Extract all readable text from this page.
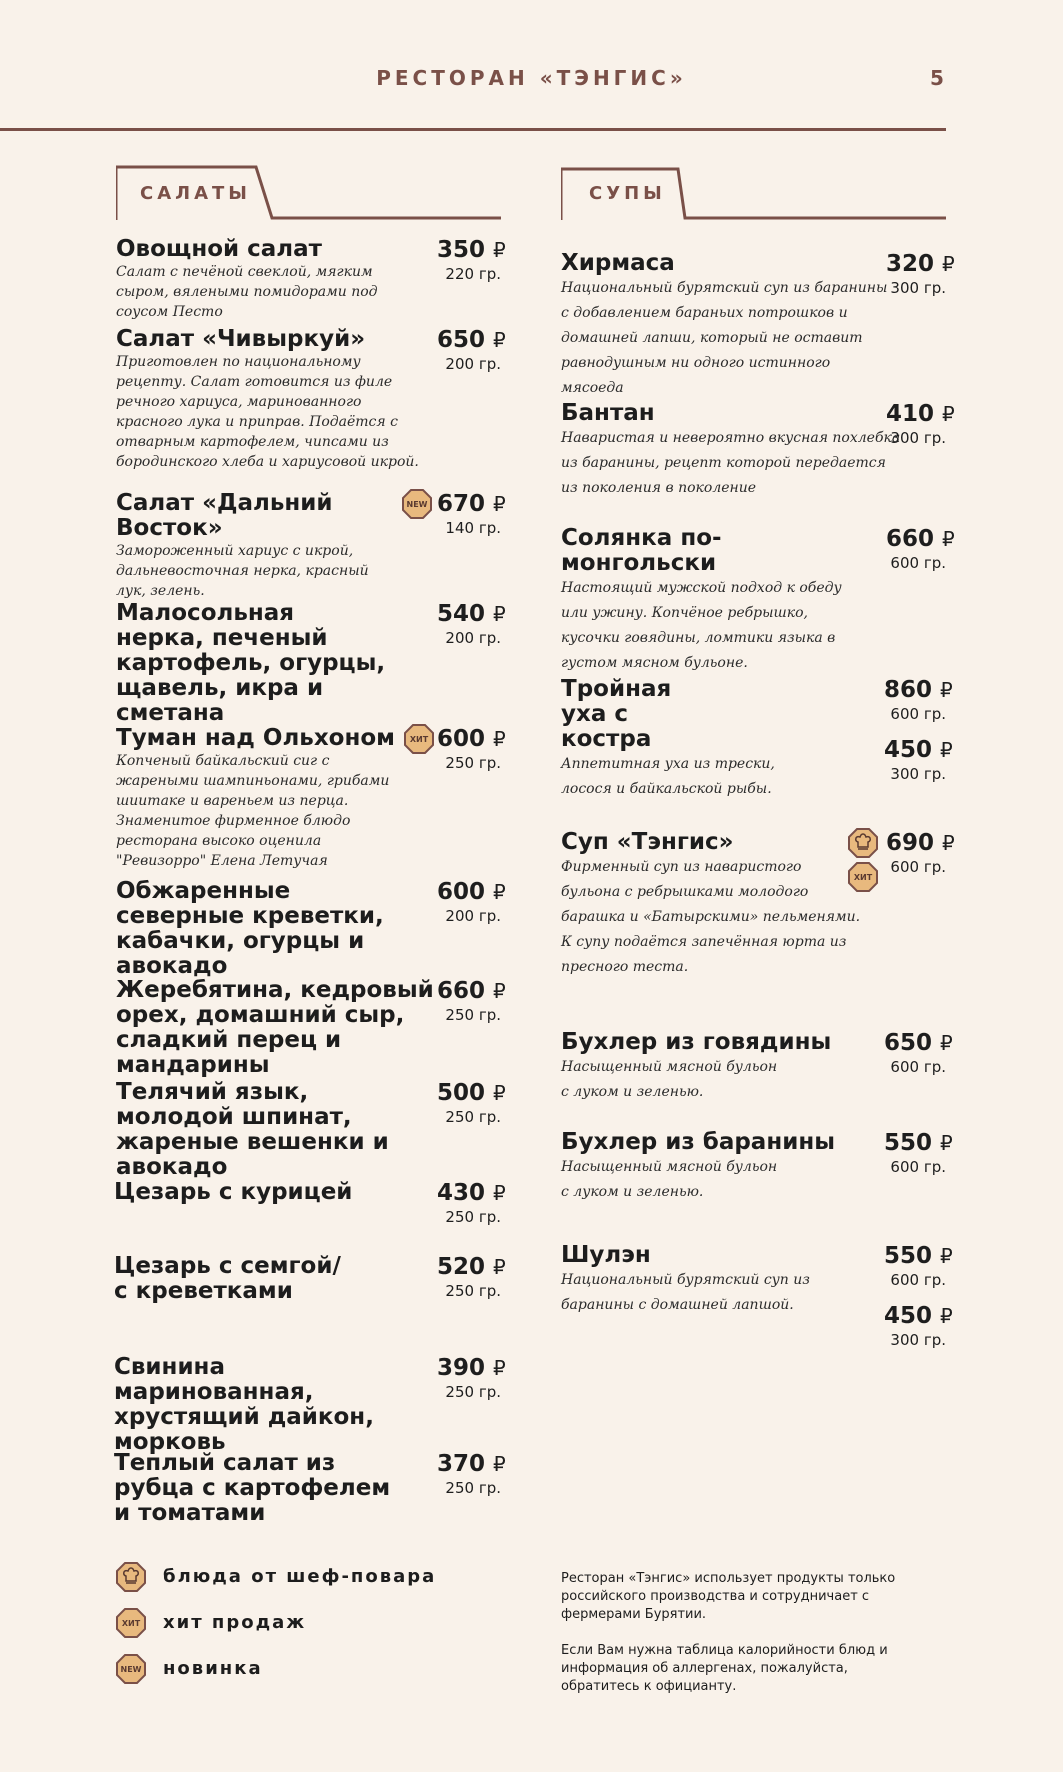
РЕСТОРАН «ТЭНГИС»	5
САЛАТЫ
Овощной салат
Салат с печёной свеклой, мягким сыром, вялеными помидорами под соусом Песто
350 ₽
220 гр.
Салат «Чивыркуй»
Приготовлен по национальному рецепту. Салат готовится из филе речного хариуса, маринованного красного лука и приправ. Подаётся с отварным картофелем, чипсами из бородинского хлеба и хариусовой икрой.
650 ₽
200 гр.
Салат «Дальний Восток»
Замороженный хариус с икрой, дальневосточная нерка, красный лук, зелень.
NEW 670 ₽
140 гр.
Малосольная нерка, печеный картофель, огурцы, щавель, икра и сметана
540 ₽
200 гр.
Туман над Ольхоном
Копченый байкальский сиг с жареными шампиньонами, грибами шиитаке и вареньем из перца. Знаменитое фирменное блюдо ресторана высоко оценила "Ревизорро" Елена Летучая
ХИТ 600 ₽
250 гр.
Обжаренные северные креветки, кабачки, огурцы и авокадо
600 ₽
200 гр.
Жеребятина, кедровый орех, домашний сыр, сладкий перец и мандарины
660 ₽
250 гр.
Телячий язык, молодой шпинат, жареные вешенки и авокадо
500 ₽
250 гр.
Цезарь с курицей	430 ₽
250 гр.
Цезарь с семгой/ с креветками
520 ₽
250 гр.
Свинина маринованная, хрустящий дайкон, морковь
390 ₽
250 гр.
Теплый салат из рубца с картофелем и томатами
370 ₽
250 гр.
СУПЫ
Хирмаса
Национальный бурятский суп из баранины с добавлением бараньих потрошков и домашней лапши, который не оставит равнодушным ни одного истинного мясоеда
320 ₽
300 гр.
Бантан
Наваристая и невероятно вкусная похлебка из баранины, рецепт которой передается из поколения в поколение
410 ₽
300 гр.
Солянка по-монгольски
Настоящий мужской подход к обеду или ужину. Копчёное ребрышко, кусочки говядины, ломтики языка в густом мясном бульоне.
660 ₽
600 гр.
Тройная уха с костра
Аппетитная уха из трески, лосося и байкальской рыбы.
860 ₽
600 гр.
450 ₽
300 гр.
Суп «Тэнгис»
Фирменный суп из наваристого бульона с ребрышками молодого барашка и «Батырскими» пельменями. К супу подаётся запечённая юрта из пресного теста.
ХИТ
690 ₽
600 гр.
Бухлер из говядины
Насыщенный мясной бульон с луком и зеленью.
650 ₽
600 гр.
Бухлер из баранины
Насыщенный мясной бульон с луком и зеленью.
550 ₽
600 гр.
Шулэн
Национальный бурятский суп из баранины с домашней лапшой.
550 ₽
600 гр.
450 ₽
300 гр.
блюда от шеф-повара
ХИТ хит продаж
NEW новинка

Ресторан «Тэнгис» использует продукты только российского производства и сотрудничает с фермерами Бурятии.

Если Вам нужна таблица калорийности блюд и информация об аллергенах, пожалуйста, обратитесь к официанту.
